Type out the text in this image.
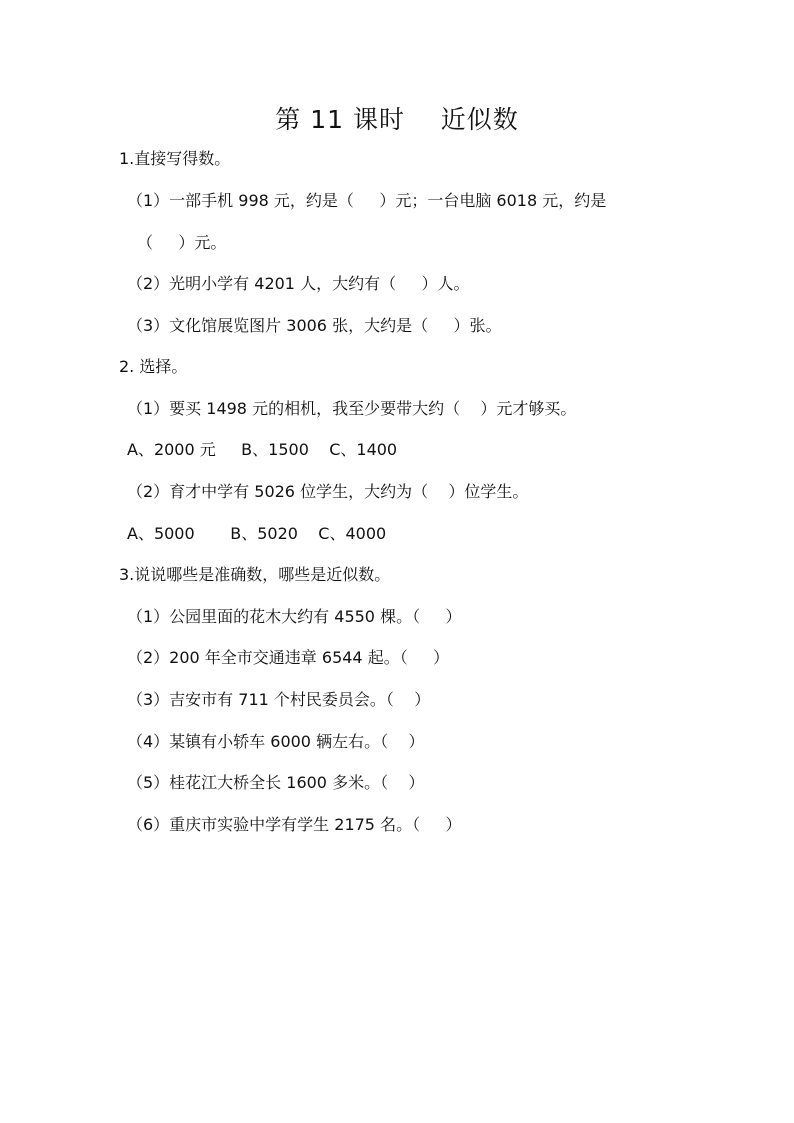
第 11 课时    近似数
1.直接写得数。
（1）一部手机 998 元，约是（     ）元；一台电脑 6018 元，约是
（     ）元。
（2）光明小学有 4201 人，大约有（     ）人。
（3）文化馆展览图片 3006 张，大约是（     ）张。
2. 选择。
（1）要买 1498 元的相机，我至少要带大约（    ）元才够买。
A、2000 元     B、1500    C、1400
（2）育才中学有 5026 位学生，大约为（    ）位学生。
A、5000       B、5020    C、4000
3.说说哪些是准确数，哪些是近似数。
（1）公园里面的花木大约有 4550 棵。（     ）
（2）200 年全市交通违章 6544 起。（     ）
（3）吉安市有 711 个村民委员会。（    ）
（4）某镇有小轿车 6000 辆左右。（    ）
（5）桂花江大桥全长 1600 多米。（    ）
（6）重庆市实验中学有学生 2175 名。（     ）
